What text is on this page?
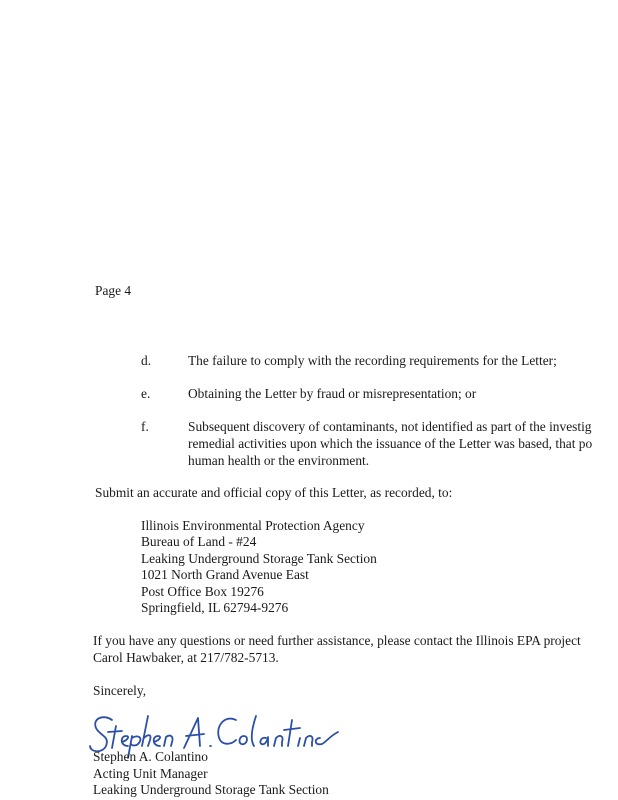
Page 4
d.	The failure to comply with the recording requirements for the Letter;
e.	Obtaining the Letter by fraud or misrepresentation; or
f.	Subsequent discovery of contaminants, not identified as part of the investig
remedial activities upon which the issuance of the Letter was based, that po
human health or the environment.
Submit an accurate and official copy of this Letter, as recorded, to:
Illinois Environmental Protection Agency
Bureau of Land - #24
Leaking Underground Storage Tank Section
1021 North Grand Avenue East
Post Office Box 19276
Springfield, IL 62794-9276
If you have any questions or need further assistance, please contact the Illinois EPA project
Carol Hawbaker, at 217/782-5713.
Sincerely,
Stephen A. Colantino
Acting Unit Manager
Leaking Underground Storage Tank Section
